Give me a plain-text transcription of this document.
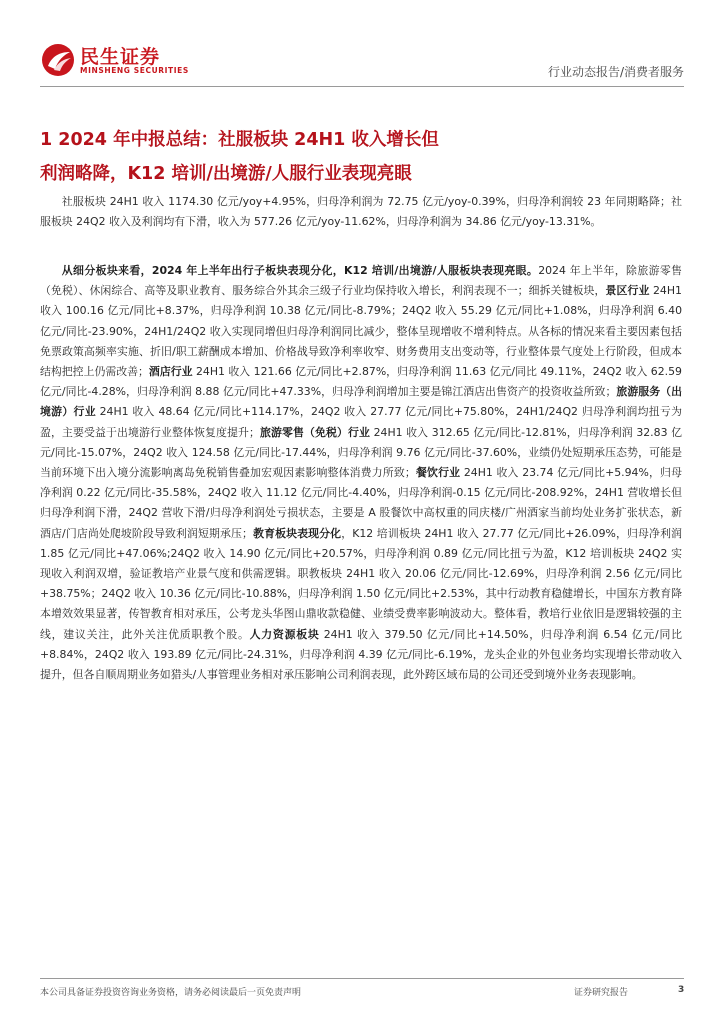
民生证券
MINSHENG SECURITIES	行业动态报告/消费者服务
1 2024 年中报总结：社服板块 24H1 收入增长但
利润略降，K12 培训/出境游/人服行业表现亮眼
社服板块 24H1 收入 1174.30 亿元/yoy+4.95%，归母净利润为 72.75 亿元/yoy-0.39%，归母净利润较 23 年同期略降；社服板块 24Q2 收入及利润均有下滑，收入为 577.26 亿元/yoy-11.62%，归母净利润为 34.86 亿元/yoy-13.31%。
从细分板块来看，2024 年上半年出行子板块表现分化，K12 培训/出境游/人服板块表现亮眼。2024 年上半年，除旅游零售（免税）、休闲综合、高等及职业教育、服务综合外其余三级子行业均保持收入增长，利润表现不一；细拆关键板块，景区行业 24H1 收入 100.16 亿元/同比+8.37%，归母净利润 10.38 亿元/同比-8.79%；24Q2 收入 55.29 亿元/同比+1.08%，归母净利润 6.40 亿元/同比-23.90%，24H1/24Q2 收入实现同增但归母净利润同比减少，整体呈现增收不增利特点。从各标的情况来看主要因素包括免票政策高频率实施、折旧/职工薪酬成本增加、价格战导致净利率收窄、财务费用支出变动等，行业整体景气度处上行阶段，但成本结构把控上仍需改善；酒店行业 24H1 收入 121.66 亿元/同比+2.87%，归母净利润 11.63 亿元/同比 49.11%，24Q2 收入 62.59 亿元/同比-4.28%，归母净利润 8.88 亿元/同比+47.33%，归母净利润增加主要是锦江酒店出售资产的投资收益所致；旅游服务（出境游）行业 24H1 收入 48.64 亿元/同比+114.17%，24Q2 收入 27.77 亿元/同比+75.80%，24H1/24Q2 归母净利润均扭亏为盈，主要受益于出境游行业整体恢复度提升；旅游零售（免税）行业 24H1 收入 312.65 亿元/同比-12.81%，归母净利润 32.83 亿元/同比-15.07%，24Q2 收入 124.58 亿元/同比-17.44%，归母净利润 9.76 亿元/同比-37.60%，业绩仍处短期承压态势，可能是当前环境下出入境分流影响离岛免税销售叠加宏观因素影响整体消费力所致；餐饮行业 24H1 收入 23.74 亿元/同比+5.94%，归母净利润 0.22 亿元/同比-35.58%，24Q2 收入 11.12 亿元/同比-4.40%，归母净利润-0.15 亿元/同比-208.92%，24H1 营收增长但归母净利润下滑，24Q2 营收下滑/归母净利润处亏损状态，主要是 A 股餐饮中高权重的同庆楼/广州酒家当前均处业务扩张状态，新酒店/门店尚处爬坡阶段导致利润短期承压；教育板块表现分化，K12 培训板块 24H1 收入 27.77 亿元/同比+26.09%，归母净利润 1.85 亿元/同比+47.06%;24Q2 收入 14.90 亿元/同比+20.57%，归母净利润 0.89 亿元/同比扭亏为盈，K12 培训板块 24Q2 实现收入利润双增，验证教培产业景气度和供需逻辑。职教板块 24H1 收入 20.06 亿元/同比-12.69%，归母净利润 2.56 亿元/同比+38.75%；24Q2 收入 10.36 亿元/同比-10.88%，归母净利润 1.50 亿元/同比+2.53%，其中行动教育稳健增长，中国东方教育降本增效效果显著，传智教育相对承压，公考龙头华图山鼎收款稳健、业绩受费率影响波动大。整体看，教培行业依旧是逻辑较强的主线，建议关注，此外关注优质职教个股。人力资源板块 24H1 收入 379.50 亿元/同比+14.50%，归母净利润 6.54 亿元/同比+8.84%，24Q2 收入 193.89 亿元/同比-24.31%，归母净利润 4.39 亿元/同比-6.19%，龙头企业的外包业务均实现增长带动收入提升，但各自顺周期业务如猎头/人事管理业务相对承压影响公司利润表现，此外跨区域布局的公司还受到境外业务表现影响。
本公司具备证券投资咨询业务资格，请务必阅读最后一页免责声明	证券研究报告	3
